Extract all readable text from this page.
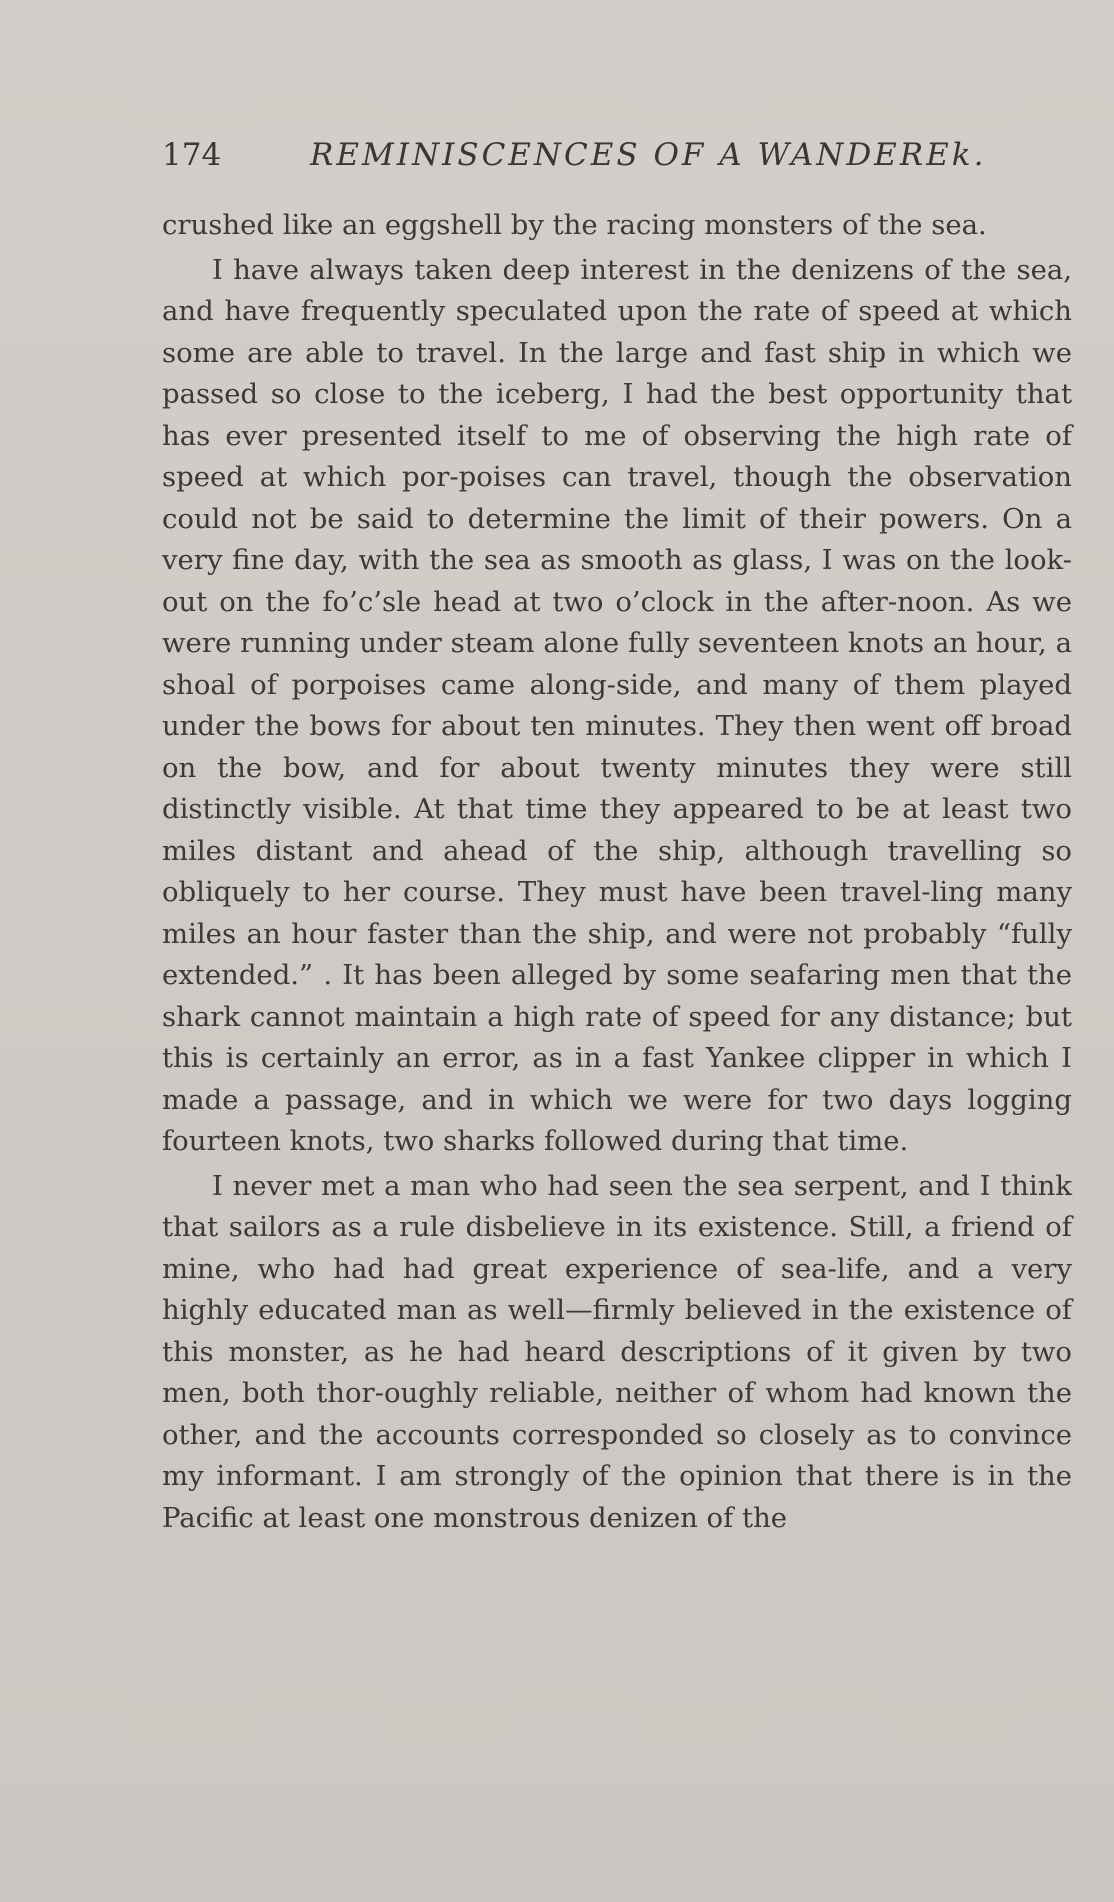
174	REMINISCENCES OF A WANDEREk.

crushed like an eggshell by the racing monsters of the sea.

I have always taken deep interest in the denizens of the sea, and have frequently speculated upon the rate of speed at which some are able to travel. In the large and fast ship in which we passed so close to the iceberg, I had the best opportunity that has ever presented itself to me of observing the high rate of speed at which por-poises can travel, though the observation could not be said to determine the limit of their powers. On a very fine day, with the sea as smooth as glass, I was on the look-out on the fo’c’sle head at two o’clock in the after-noon. As we were running under steam alone fully seventeen knots an hour, a shoal of porpoises came along-side, and many of them played under the bows for about ten minutes. They then went off broad on the bow, and for about twenty minutes they were still distinctly visible. At that time they appeared to be at least two miles distant and ahead of the ship, although travelling so obliquely to her course. They must have been travel-ling many miles an hour faster than the ship, and were not probably “fully extended.” . It has been alleged by some seafaring men that the shark cannot maintain a high rate of speed for any distance; but this is certainly an error, as in a fast Yankee clipper in which I made a passage, and in which we were for two days logging fourteen knots, two sharks followed during that time.

I never met a man who had seen the sea serpent, and I think that sailors as a rule disbelieve in its existence. Still, a friend of mine, who had had great experience of sea-life, and a very highly educated man as well—firmly believed in the existence of this monster, as he had heard descriptions of it given by two men, both thor-oughly reliable, neither of whom had known the other, and the accounts corresponded so closely as to convince my informant. I am strongly of the opinion that there is in the Pacific at least one monstrous denizen of the
